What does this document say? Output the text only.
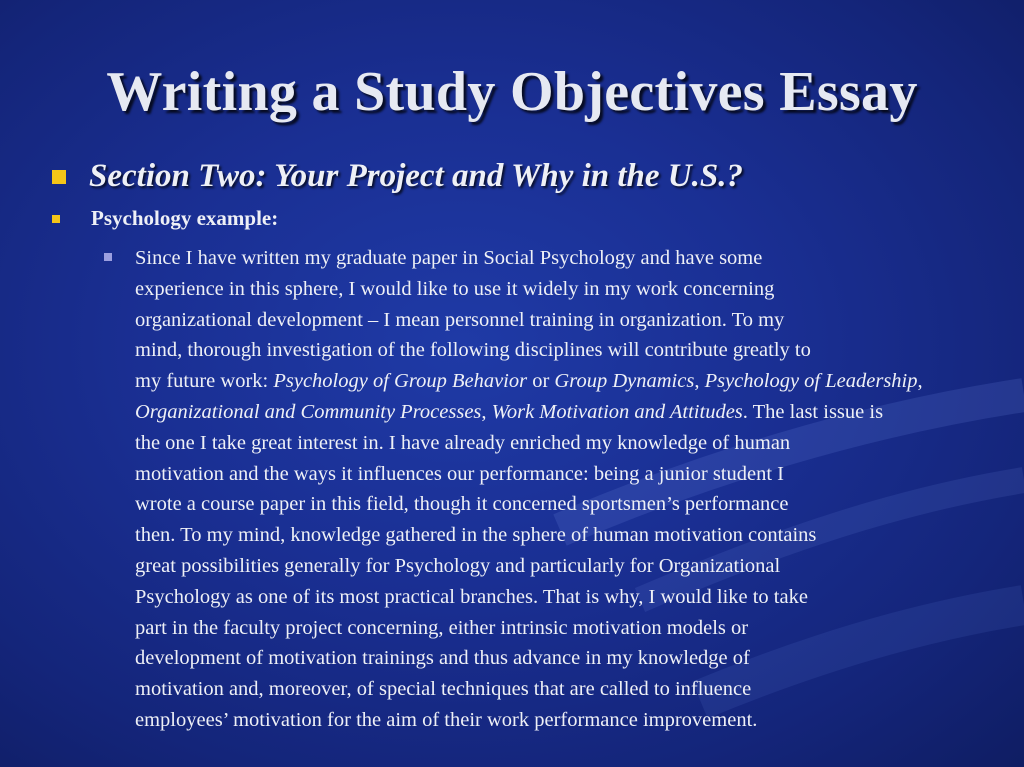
Writing a Study Objectives Essay
Section Two: Your Project and Why in the U.S.?
Psychology example:
Since I have written my graduate paper in Social Psychology and have some
experience in this sphere, I would like to use it widely in my work concerning
organizational development – I mean personnel training in organization. To my
mind, thorough investigation of the following disciplines will contribute greatly to
my future work: Psychology of Group Behavior or Group Dynamics, Psychology of Leadership,
Organizational and Community Processes, Work Motivation and Attitudes. The last issue is
the one I take great interest in. I have already enriched my knowledge of human
motivation and the ways it influences our performance: being a junior student I
wrote a course paper in this field, though it concerned sportsmen’s performance
then. To my mind, knowledge gathered in the sphere of human motivation contains
great possibilities generally for Psychology and particularly for Organizational
Psychology as one of its most practical branches. That is why, I would like to take
part in the faculty project concerning, either intrinsic motivation models or
development of motivation trainings and thus advance in my knowledge of
motivation and, moreover, of special techniques that are called to influence
employees’ motivation for the aim of their work performance improvement.
